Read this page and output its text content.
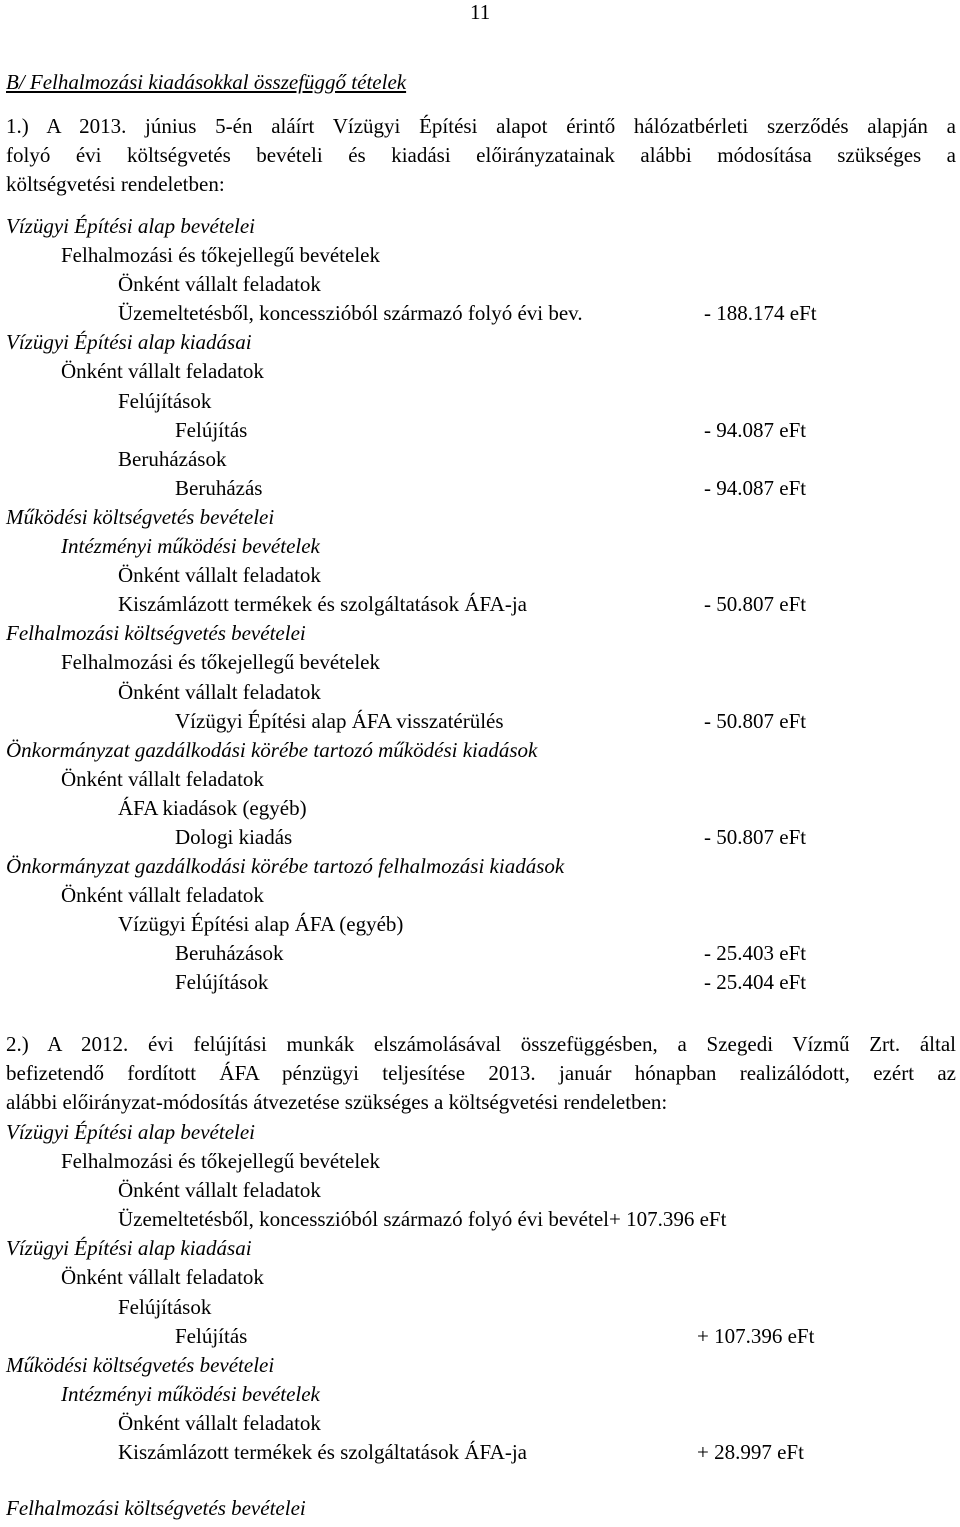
11
B/ Felhalmozási kiadásokkal összefüggő tételek
1.) A 2013. június 5-én aláírt Vízügyi Építési alapot érintő hálózatbérleti szerződés alapján a
folyó évi költségvetés bevételi és kiadási előirányzatainak alábbi módosítása szükséges a
költségvetési rendeletben:
Vízügyi Építési alap bevételei
Felhalmozási és tőkejellegű bevételek
Önként vállalt feladatok
Üzemeltetésből, koncesszióból származó folyó évi bev.	- 188.174 eFt
Vízügyi Építési alap kiadásai
Önként vállalt feladatok
Felújítások
Felújítás	- 94.087 eFt
Beruházások
Beruházás	- 94.087 eFt
Működési költségvetés bevételei
Intézményi működési bevételek
Önként vállalt feladatok
Kiszámlázott termékek és szolgáltatások ÁFA-ja	- 50.807 eFt
Felhalmozási költségvetés bevételei
Felhalmozási és tőkejellegű bevételek
Önként vállalt feladatok
Vízügyi Építési alap ÁFA visszatérülés	- 50.807 eFt
Önkormányzat gazdálkodási körébe tartozó működési kiadások
Önként vállalt feladatok
ÁFA kiadások (egyéb)
Dologi kiadás	- 50.807 eFt
Önkormányzat gazdálkodási körébe tartozó felhalmozási kiadások
Önként vállalt feladatok
Vízügyi Építési alap ÁFA (egyéb)
Beruházások	- 25.403 eFt
Felújítások	- 25.404 eFt
2.) A 2012. évi felújítási munkák elszámolásával összefüggésben, a Szegedi Vízmű Zrt. által
befizetendő fordított ÁFA pénzügyi teljesítése 2013. január hónapban realizálódott, ezért az
alábbi előirányzat-módosítás átvezetése szükséges a költségvetési rendeletben:
Vízügyi Építési alap bevételei
Felhalmozási és tőkejellegű bevételek
Önként vállalt feladatok
Üzemeltetésből, koncesszióból származó folyó évi bevétel+ 107.396 eFt
Vízügyi Építési alap kiadásai
Önként vállalt feladatok
Felújítások
Felújítás	+ 107.396 eFt
Működési költségvetés bevételei
Intézményi működési bevételek
Önként vállalt feladatok
Kiszámlázott termékek és szolgáltatások ÁFA-ja	+ 28.997 eFt
Felhalmozási költségvetés bevételei
